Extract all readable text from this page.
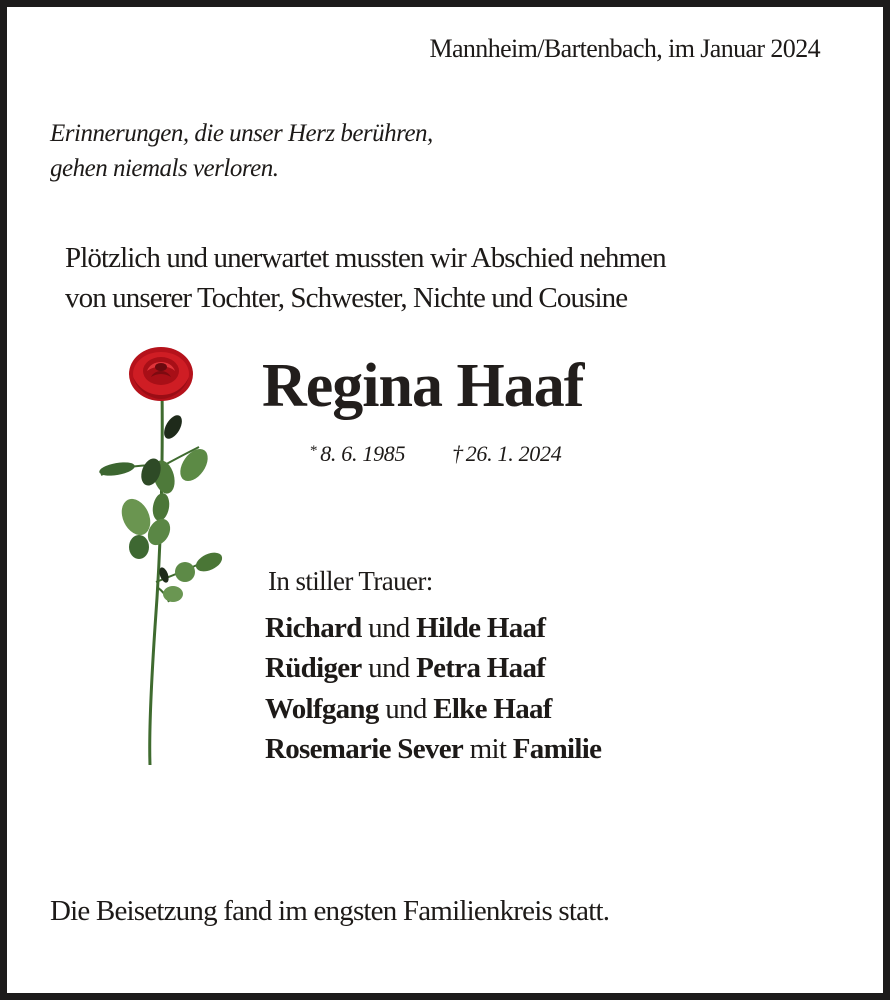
Mannheim/Bartenbach, im Januar 2024
Erinnerungen, die unser Herz berühren,
gehen niemals verloren.
Plötzlich und unerwartet mussten wir Abschied nehmen
von unserer Tochter, Schwester, Nichte und Cousine
Regina Haaf
* 8. 6. 1985 † 26. 1. 2024
In stiller Trauer:
Richard und Hilde Haaf
Rüdiger und Petra Haaf
Wolfgang und Elke Haaf
Rosemarie Sever mit Familie
Die Beisetzung fand im engsten Familienkreis statt.
